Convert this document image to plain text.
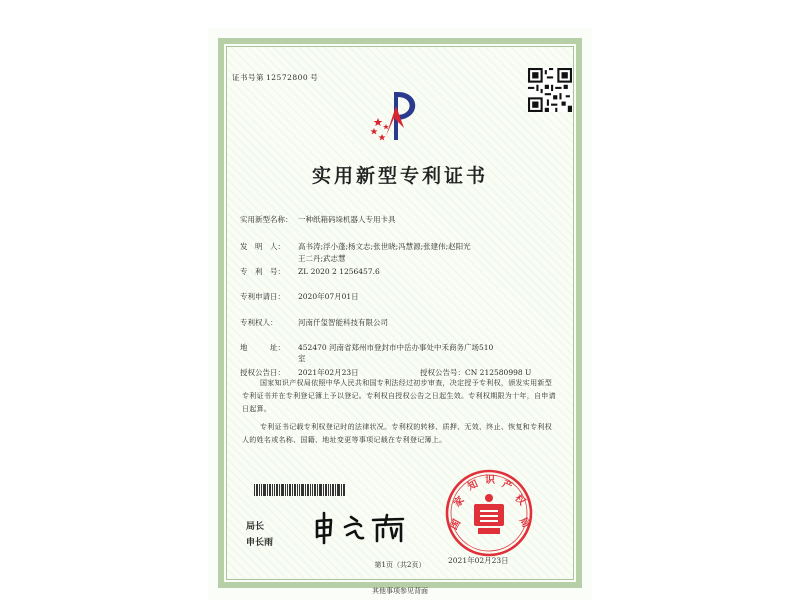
证书号第 12572800 号
实用新型专利证书
实用新型名称： 一种纸箱码垛机器人专用卡具
发　明　人： 高书涛;浮小蓬;杨文志;张世晓;冯慧源;张建伟;赵阳光
王二丹;武志慧
专　利　号： ZL 2020 2 1256457.6
专利申请日： 2020年07月01日
专利权人：	河南仟玺智能科技有限公司
地　　　址： 452470 河南省郑州市登封市中岳办事处中禾商务广场510
室
授权公告日： 2021年02月23日	授权公告号：CN 212580998 U
国家知识产权局依照中华人民共和国专利法经过初步审查，决定授予专利权，颁发实用新型专利证书并在专利登记簿上予以登记。专利权自授权公告之日起生效。专利权期限为十年，自申请日起算。
专利证书记载专利权登记时的法律状况。专利权的转移、质押、无效、终止、恢复和专利权人的姓名或名称、国籍、地址变更等事项记载在专利登记簿上。
局长
申长雨
国
家
知 识 产
权
局
2021年02月23日
第1页（共2页）
其他事项参见背面
